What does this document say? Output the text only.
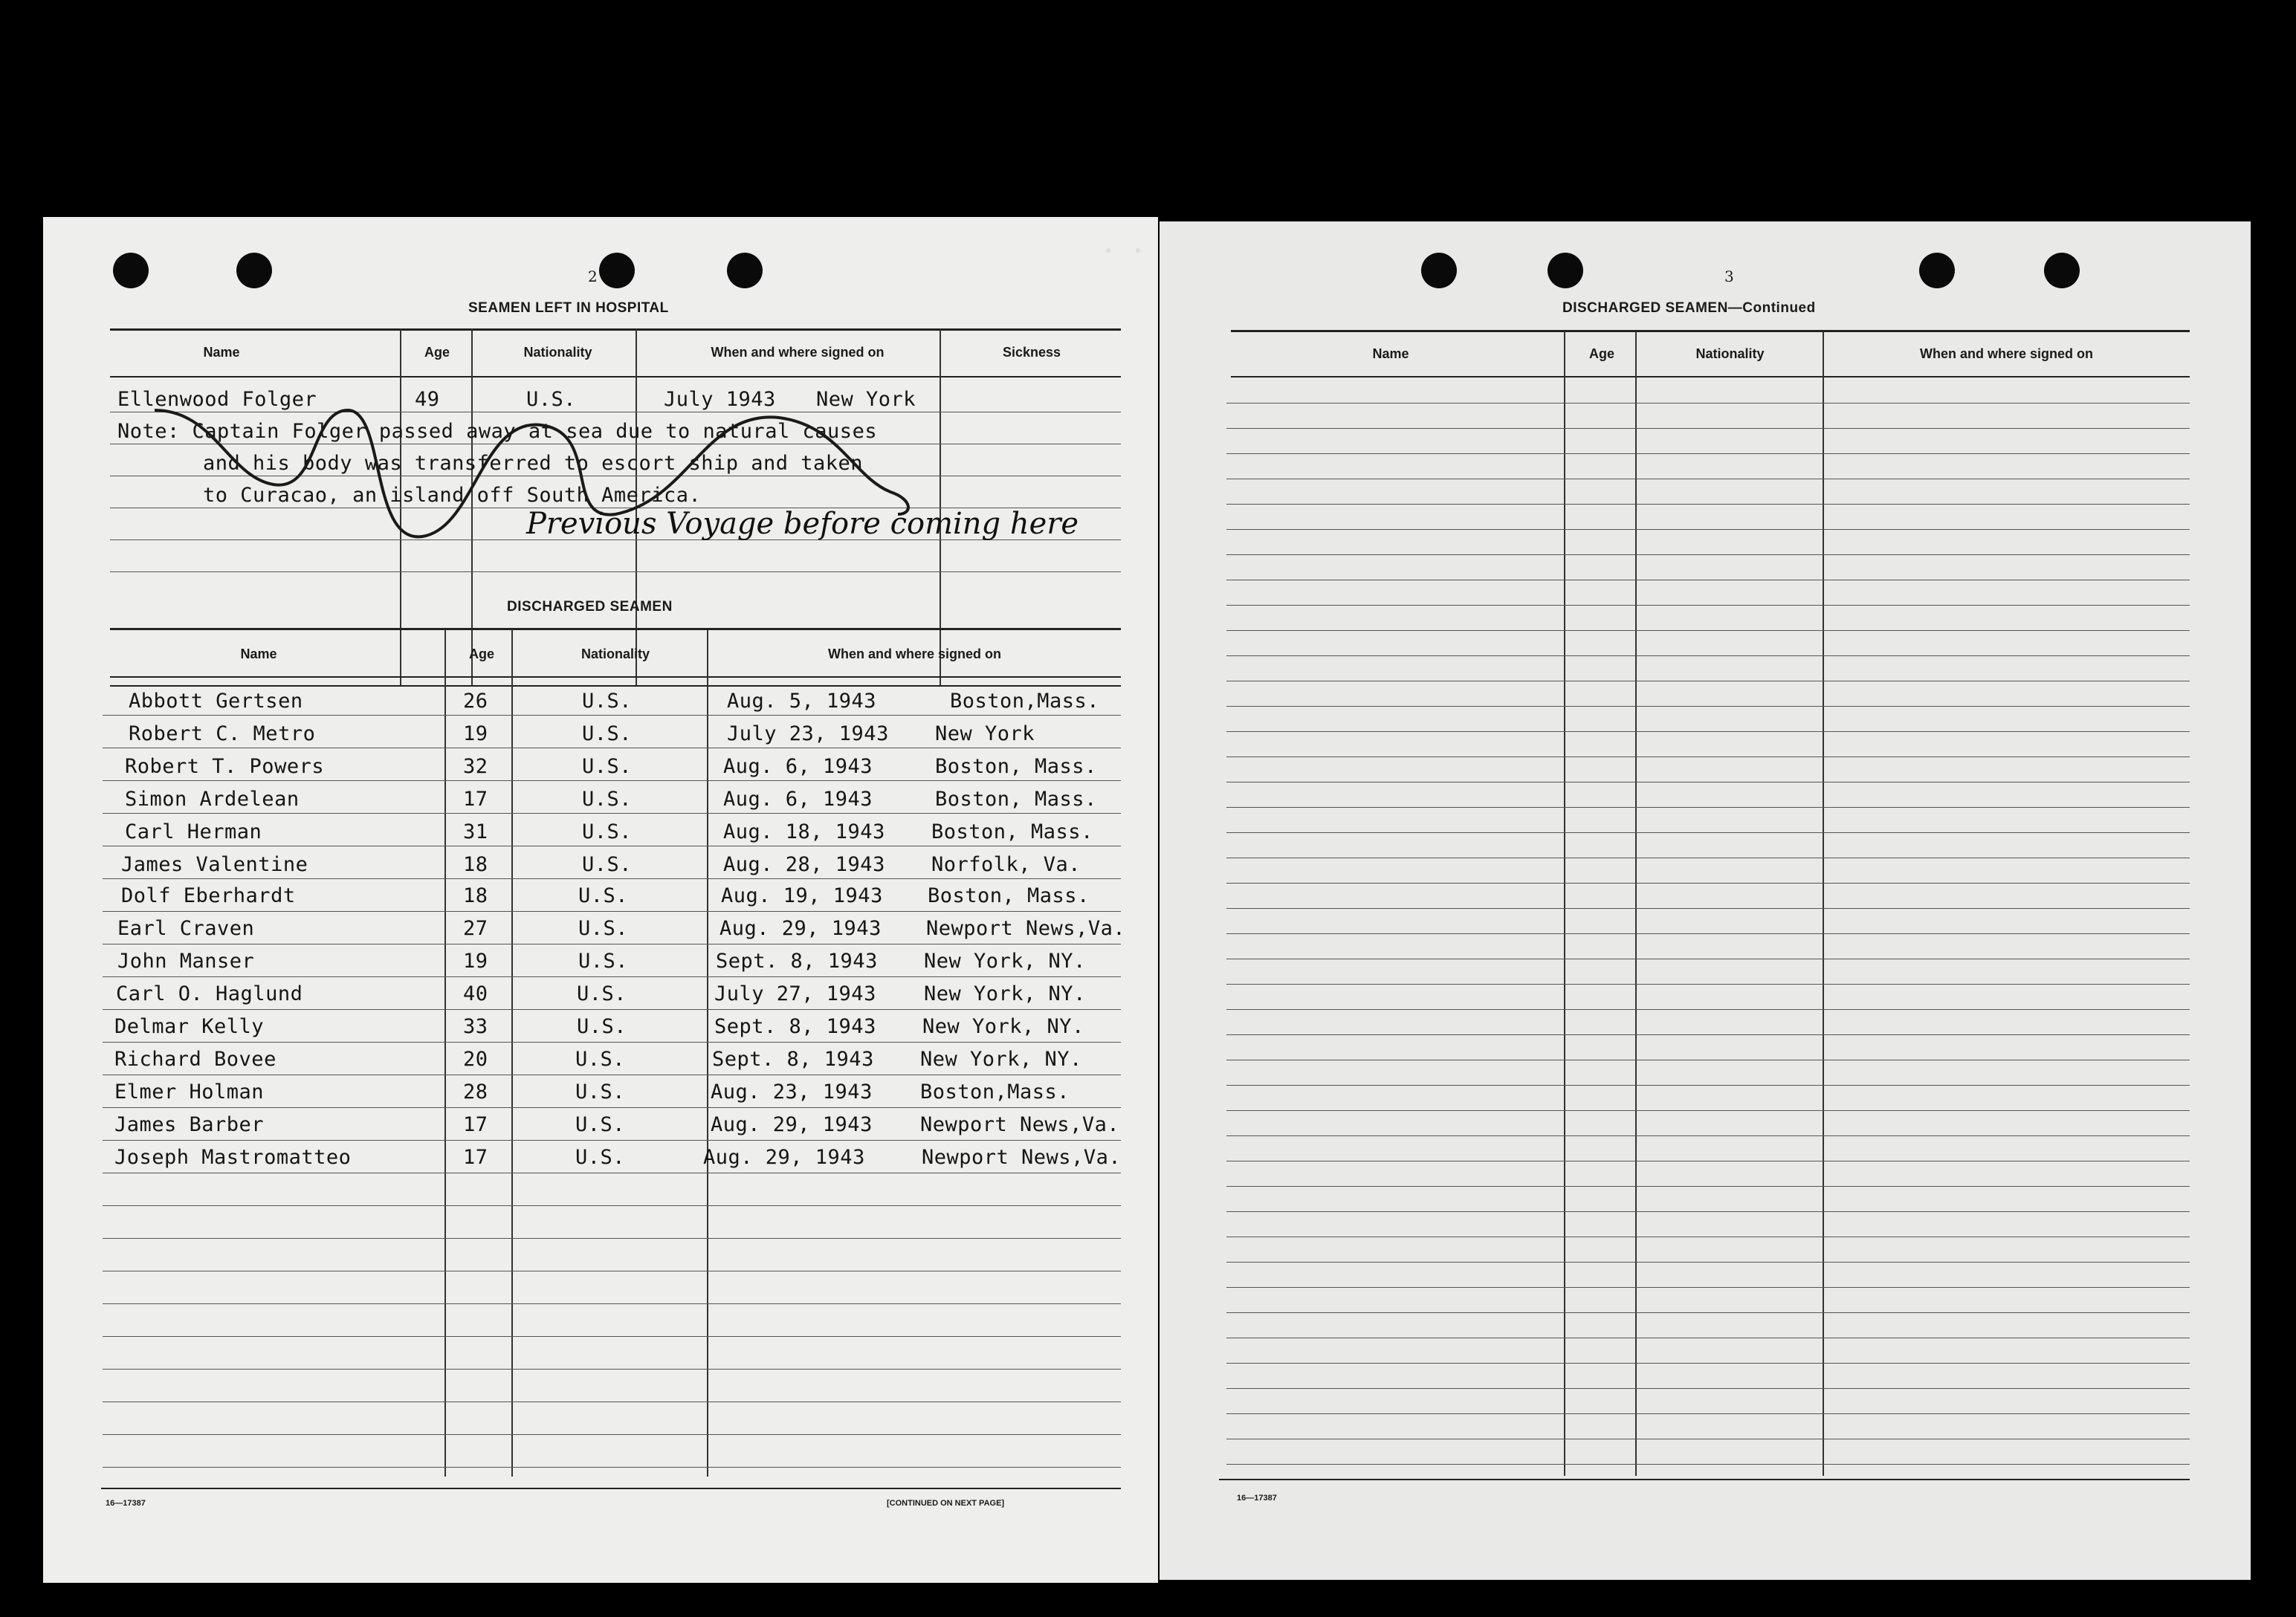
2
SEAMEN LEFT IN HOSPITAL
Name	Age	Nationality	When and where signed on	Sickness
Ellenwood Folger	49	U.S.	July 1943 New York
Note: Captain Folger passed away at sea due to natural causes
and his body was transferred to escort ship and taken
to Curacao, an island off South America.
Previous Voyage before coming here
DISCHARGED SEAMEN
Name	Age	Nationality	When and where signed on
Abbott Gertsen	26	U.S.	Aug. 5, 1943	Boston,Mass.
Robert C. Metro	19	U.S.	July 23, 1943 New York
Robert T. Powers	32	U.S.	Aug. 6, 1943	Boston, Mass.
Simon Ardelean	17	U.S.	Aug. 6, 1943	Boston, Mass.
Carl Herman	31	U.S.	Aug. 18, 1943 Boston, Mass.
James Valentine	18	U.S.	Aug. 28, 1943 Norfolk, Va.
Dolf Eberhardt	18	U.S.	Aug. 19, 1943 Boston, Mass.
Earl Craven	27	U.S.	Aug. 29, 1943 Newport News,Va.
John Manser	19	U.S.	Sept. 8, 1943 New York, NY.
Carl O. Haglund	40	U.S.	July 27, 1943 New York, NY.
Delmar Kelly	33	U.S.	Sept. 8, 1943 New York, NY.
Richard Bovee	20	U.S.	Sept. 8, 1943 New York, NY.
Elmer Holman	28	U.S.	Aug. 23, 1943 Boston,Mass.
James Barber	17	U.S.	Aug. 29, 1943 Newport News,Va.
Joseph Mastromatteo	17	U.S.	Aug. 29, 1943	Newport News,Va.
16—17387	[CONTINUED ON NEXT PAGE]
3
DISCHARGED SEAMEN—Continued
Name	Age	Nationality	When and where signed on
16—17387
